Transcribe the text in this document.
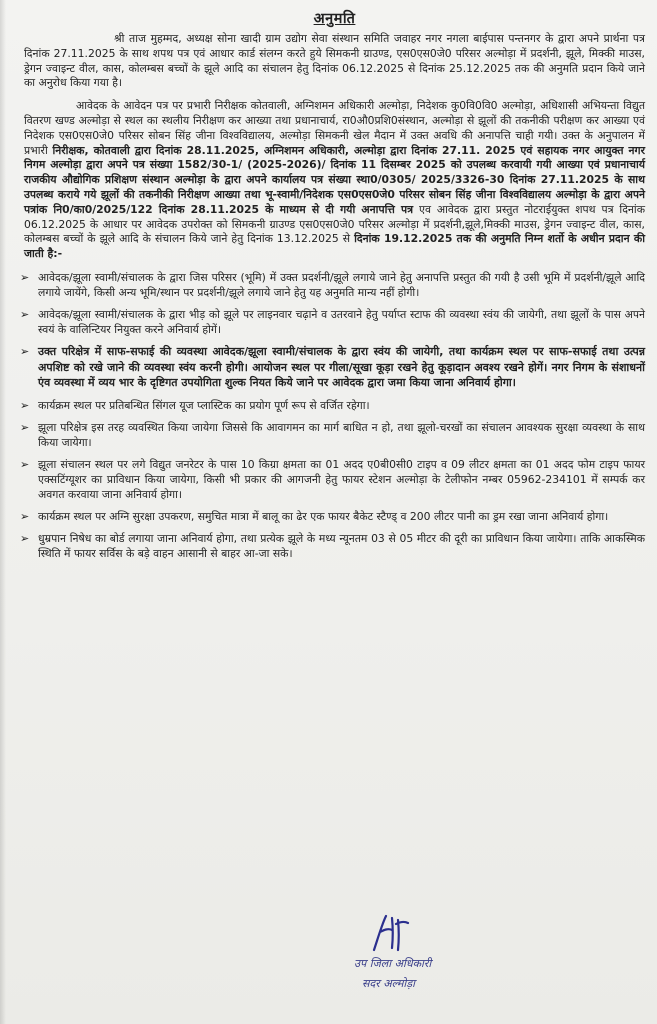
अनुमति

श्री ताज मुहम्मद, अध्यक्ष सोना खादी ग्राम उद्योग सेवा संस्थान समिति जवाहर नगर नगला बाईपास पन्तनगर के द्वारा अपने प्रार्थना पत्र दिनांक 27.11.2025 के साथ शपथ पत्र एवं आधार कार्ड संलग्न करते हुये सिमकनी ग्राउण्ड, एस0एस0जे0 परिसर अल्मोड़ा में प्रदर्शनी, झूले, मिक्की माउस, ड्रेगन ज्वाइन्ट वील, कास, कोलम्बस बच्चों के झूले आदि का संचालन हेतु दिनांक 06.12.2025 से दिनांक 25.12.2025 तक की अनुमति प्रदान किये जाने का अनुरोध किया गया है।

आवेदक के आवेदन पत्र पर प्रभारी निरीक्षक कोतवाली, अग्निशमन अधिकारी अल्मोड़ा, निदेशक कु0वि0वि0 अल्मोड़ा, अधिशासी अभियन्ता विद्युत वितरण खण्ड अल्मोड़ा से स्थल का स्थलीय निरीक्षण कर आख्या तथा प्रधानाचार्य, रा0औ0प्रशि0संस्थान, अल्मोड़ा से झूलों की तकनीकी परीक्षण कर आख्या एवं निदेशक एस0एस0जे0 परिसर सोबन सिंह जीना विश्वविद्यालय, अल्मोड़ा सिमकनी खेल मैदान में उक्त अवधि की अनापत्ति चाही गयी। उक्त के अनुपालन में प्रभारी निरीक्षक, कोतवाली द्वारा दिनांक 28.11.2025, अग्निशमन अधिकारी, अल्मोड़ा द्वारा दिनांक 27.11. 2025 एवं सहायक नगर आयुक्त नगर निगम अल्मोड़ा द्वारा अपने पत्र संख्या 1582/30-1/ (2025-2026)/ दिनांक 11 दिसम्बर 2025 को उपलब्ध करवायी गयी आख्या एवं प्रधानाचार्य राजकीय औद्योगिक प्रशिक्षण संस्थान अल्मोड़ा के द्वारा अपने कार्यालय पत्र संख्या स्था0/0305/ 2025/3326-30 दिनांक 27.11.2025 के साथ उपलब्ध कराये गये झूलों की तकनीकी निरीक्षण आख्या तथा भू-स्वामी/निदेशक एस0एस0जे0 परिसर सोबन सिंह जीना विश्वविद्यालय अल्मोड़ा के द्वारा अपने पत्रांक नि0/का0/2025/122 दिनांक 28.11.2025 के माध्यम से दी गयी अनापत्ति पत्र एव आवेदक द्वारा प्रस्तुत नोटराईयुक्त शपथ पत्र दिनांक 06.12.2025 के आधार पर आवेदक उपरोक्त को सिमकनी ग्राउण्ड एस0एस0जे0 परिसर अल्मोड़ा में प्रदर्शनी,झूले,मिक्की माउस, ड्रेगन ज्वाइन्ट वील, कास, कोलम्बस बच्चों के झूले आदि के संचालन किये जाने हेतु दिनांक 13.12.2025 से दिनांक 19.12.2025 तक की अनुमति निम्न शर्तो के अधीन प्रदान की जाती है:-

➢ आवेदक/झूला स्वामी/संचालक के द्वारा जिस परिसर (भूमि) में उक्त प्रदर्शनी/झूले लगाये जाने हेतु अनापत्ति प्रस्तुत की गयी है उसी भूमि में प्रदर्शनी/झूले आदि लगाये जायेंगे, किसी अन्य भूमि/स्थान पर प्रदर्शनी/झूले लगाये जाने हेतु यह अनुमति मान्य नहीं होगी।
➢ आवेदक/झूला स्वामी/संचालक के द्वारा भीड़ को झूले पर लाइनवार चढ़ाने व उतरवाने हेतु पर्याप्त स्टाफ की व्यवस्था स्वंय की जायेगी, तथा झूलों के पास अपने स्वयं के वालिन्टियर नियुक्त करने अनिवार्य होगें।
➢ उक्त परिक्षेत्र में साफ-सफाई की व्यवस्था आवेदक/झूला स्वामी/संचालक के द्वारा स्वंय की जायेगी, तथा कार्यक्रम स्थल पर साफ-सफाई तथा उत्पन्न अपशिष्ट को रखे जाने की व्यवस्था स्वंय करनी होगी। आयोजन स्थल पर गीला/सूखा कूड़ा रखने हेतु कूड़ादान अवश्य रखने होगें। नगर निगम के संशाधनों एंव व्यवस्था में व्यय भार के दृष्टिगत उपयोगिता शुल्क नियत किये जाने पर आवेदक द्वारा जमा किया जाना अनिवार्य होगा।
➢ कार्यक्रम स्थल पर प्रतिबन्धित सिंगल यूज प्लास्टिक का प्रयोग पूर्ण रूप से वर्जित रहेगा।
➢ झूला परिक्षेत्र इस तरह व्यवस्थित किया जायेगा जिससे कि आवागमन का मार्ग बाधित न हो, तथा झूलो-चरखों का संचालन आवश्यक सुरक्षा व्यवस्था के साथ किया जायेगा।
➢ झूला संचालन स्थल पर लगे विद्युत जनरेटर के पास 10 किग्रा क्षमता का 01 अदद ए0बी0सी0 टाइप व 09 लीटर क्षमता का 01 अदद फोम टाइप फायर एक्सटिंग्यूशर का प्राविधान किया जायेगा, किसी भी प्रकार की आगजनी हेतु फायर स्टेशन अल्मोड़ा के टेलीफोन नम्बर 05962-234101 में सम्पर्क कर अवगत करवाया जाना अनिवार्य होगा।
➢ कार्यक्रम स्थल पर अग्नि सुरक्षा उपकरण, समुचित मात्रा में बालू का ढेर एक फायर बैकेट स्टैण्ड् व 200 लीटर पानी का ड्रम रखा जाना अनिवार्य होगा।
➢ धुम्रपान निषेध का बोर्ड लगाया जाना अनिवार्य होगा, तथा प्रत्येक झूले के मध्य न्यूनतम 03 से 05 मीटर की दूरी का प्राविधान किया जायेगा। ताकि आकस्मिक स्थिति में फायर सर्विस के बड़े वाहन आसानी से बाहर आ-जा सके।
उप जिला अधिकारी
सदर अल्मोड़ा
